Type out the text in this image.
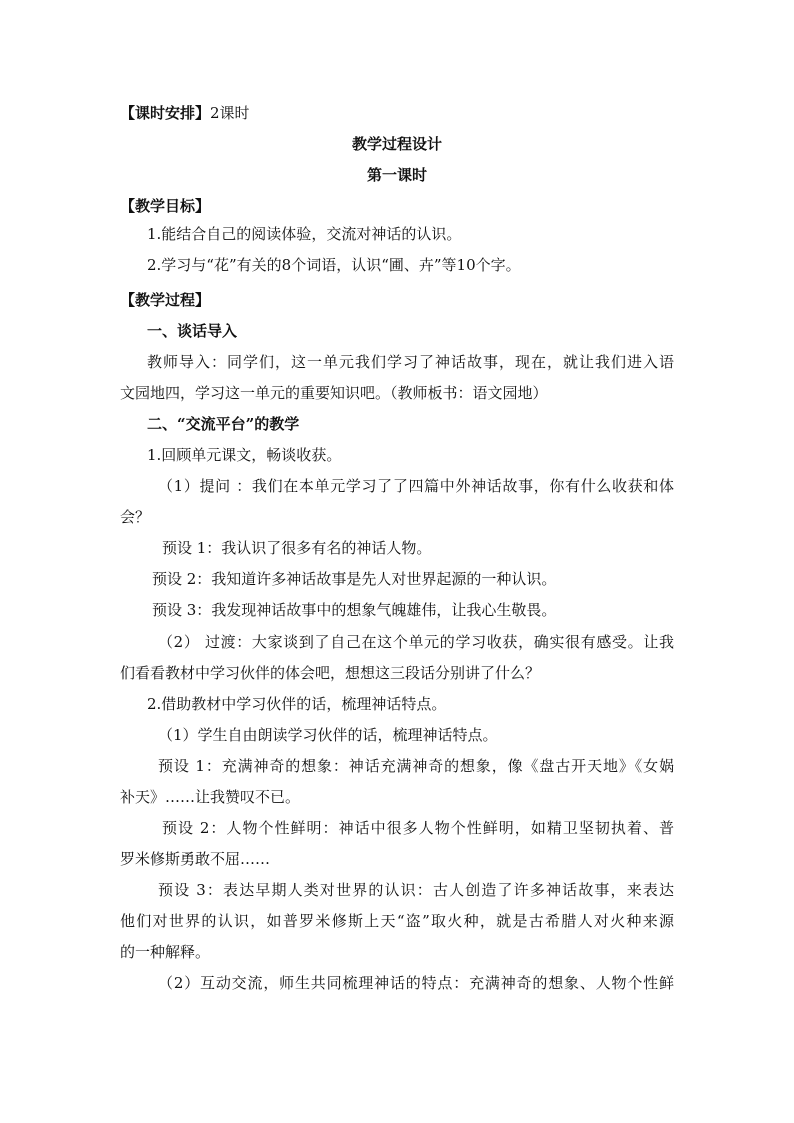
【课时安排】2课时
教学过程设计
第一课时
【教学目标】
1.能结合自己的阅读体验，交流对神话的认识。
2.学习与“花”有关的8个词语，认识“圃、卉”等10个字。
【教学过程】
一、谈话导入
教师导入：同学们，这一单元我们学习了神话故事，现在，就让我们进入语
文园地四，学习这一单元的重要知识吧。（教师板书：语文园地）
二、“交流平台”的教学
1.回顾单元课文，畅谈收获。
（1）提问 ：我们在本单元学习了了四篇中外神话故事，你有什么收获和体
会？
预设 1：我认识了很多有名的神话人物。
预设 2：我知道许多神话故事是先人对世界起源的一种认识。
预设 3：我发现神话故事中的想象气魄雄伟，让我心生敬畏。
（2） 过渡：大家谈到了自己在这个单元的学习收获，确实很有感受。让我
们看看教材中学习伙伴的体会吧，想想这三段话分别讲了什么？
2.借助教材中学习伙伴的话，梳理神话特点。
（1）学生自由朗读学习伙伴的话，梳理神话特点。
预设 1：充满神奇的想象：神话充满神奇的想象，像《盘古开天地》《女娲
补天》……让我赞叹不已。
预设 2：人物个性鲜明：神话中很多人物个性鲜明，如精卫坚韧执着、普
罗米修斯勇敢不屈……
预设 3：表达早期人类对世界的认识：古人创造了许多神话故事，来表达
他们对世界的认识，如普罗米修斯上天“盗”取火种，就是古希腊人对火种来源
的一种解释。
（2）互动交流，师生共同梳理神话的特点：充满神奇的想象、人物个性鲜
